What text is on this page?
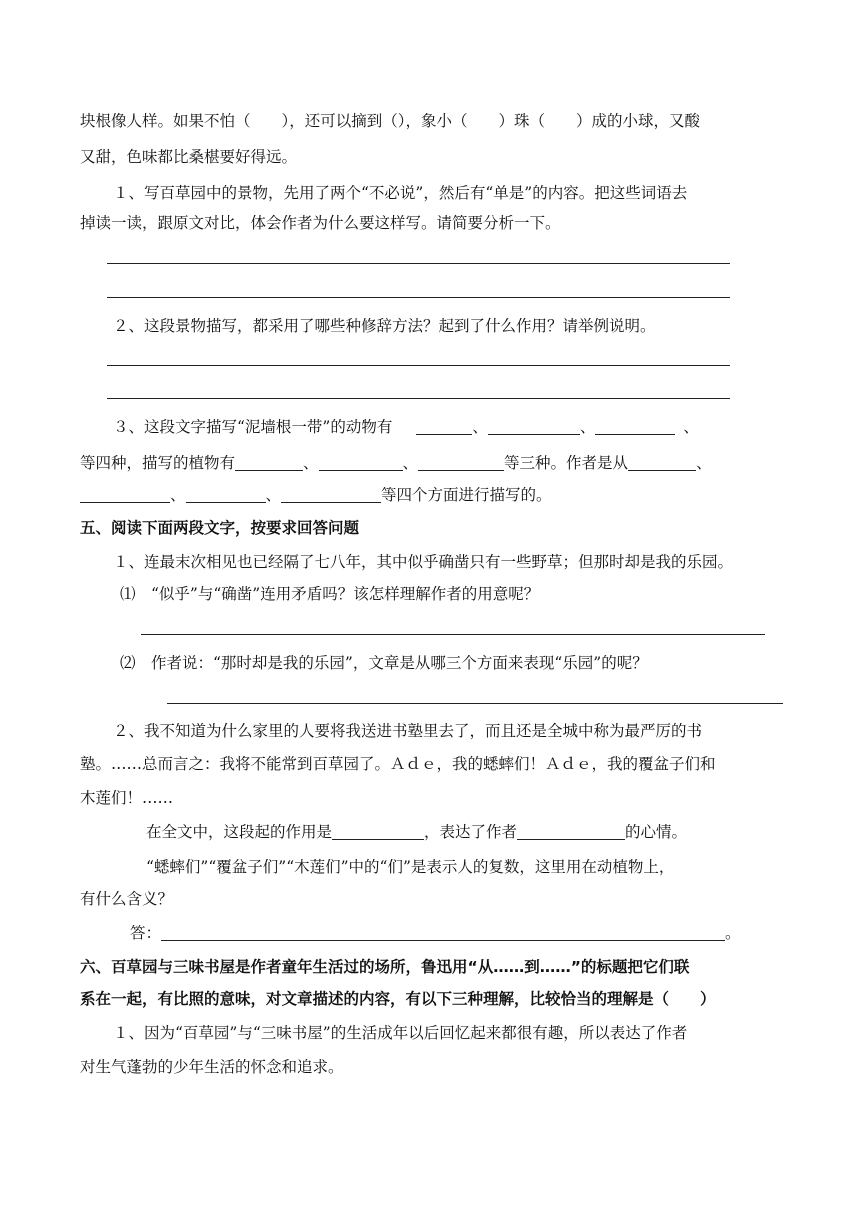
块根像人样。如果不怕（　　），还可以摘到（），象小（　　）珠（　　）成的小球，又酸
又甜，色味都比桑椹要好得远。
１、写百草园中的景物，先用了两个“不必说”，然后有“单是”的内容。把这些词语去
掉读一读，跟原文对比，体会作者为什么要这样写。请简要分析一下。
２、这段景物描写，都采用了哪些种修辞方法？起到了什么作用？请举例说明。
３、这段文字描写“泥墙根一带”的动物有	、	、	、
等四种，描写的植物有	、	、	等三种。作者是从	、
、	、	等四个方面进行描写的。
五、阅读下面两段文字，按要求回答问题
１、连最末次相见也已经隔了七八年，其中似乎确凿只有一些野草；但那时却是我的乐园。
⑴　“似乎”与“确凿”连用矛盾吗？该怎样理解作者的用意呢？
⑵　作者说：“那时却是我的乐园”，文章是从哪三个方面来表现“乐园”的呢？
２、我不知道为什么家里的人要将我送进书塾里去了，而且还是全城中称为最严厉的书
塾。……总而言之：我将不能常到百草园了。Ａｄｅ，我的蟋蟀们！Ａｄｅ，我的覆盆子们和
木莲们！……
在全文中，这段起的作用是	，表达了作者	的心情。
“蟋蟀们”“覆盆子们”“木莲们”中的“们”是表示人的复数，这里用在动植物上，
有什么含义？
答：	。
六、百草园与三味书屋是作者童年生活过的场所，鲁迅用“从……到……”的标题把它们联
系在一起，有比照的意味，对文章描述的内容，有以下三种理解，比较恰当的理解是（　　）
１、因为“百草园”与“三味书屋”的生活成年以后回忆起来都很有趣，所以表达了作者
对生气蓬勃的少年生活的怀念和追求。
